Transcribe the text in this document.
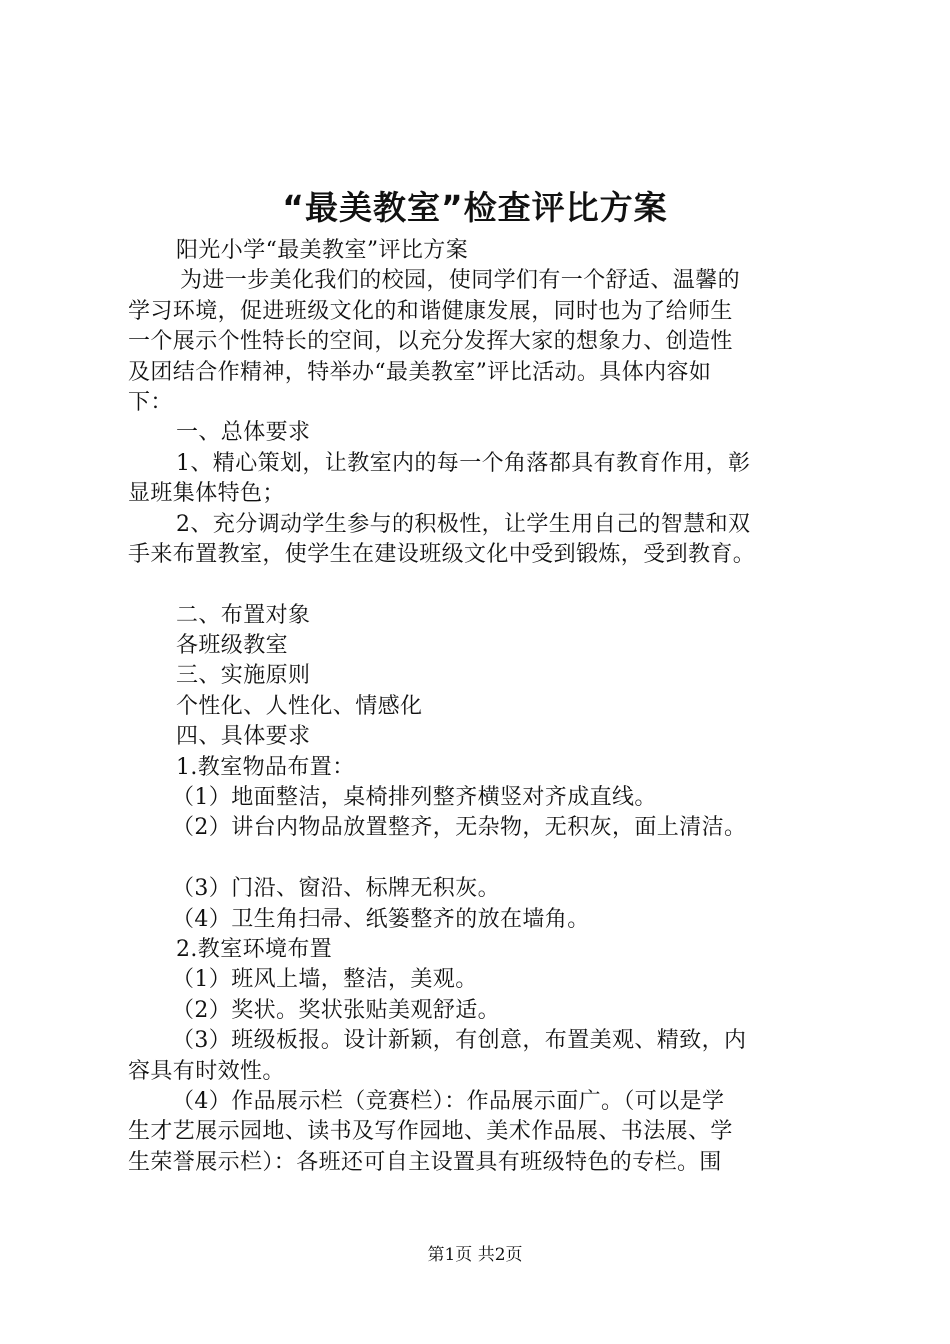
“最美教室”检查评比方案
阳光小学“最美教室”评比方案
为进一步美化我们的校园，使同学们有一个舒适、温馨的
学习环境，促进班级文化的和谐健康发展，同时也为了给师生
一个展示个性特长的空间，以充分发挥大家的想象力、创造性
及团结合作精神，特举办“最美教室”评比活动。具体内容如
下：
一、总体要求
1、精心策划，让教室内的每一个角落都具有教育作用，彰
显班集体特色；
2、充分调动学生参与的积极性，让学生用自己的智慧和双
手来布置教室，使学生在建设班级文化中受到锻炼，受到教育。
二、布置对象
各班级教室
三、实施原则
个性化、人性化、情感化
四、具体要求
1.教室物品布置：
（1）地面整洁，桌椅排列整齐横竖对齐成直线。
（2）讲台内物品放置整齐，无杂物，无积灰，面上清洁。
（3）门沿、窗沿、标牌无积灰。
（4）卫生角扫帚、纸篓整齐的放在墙角。
2.教室环境布置
（1）班风上墙，整洁，美观。
（2）奖状。奖状张贴美观舒适。
（3）班级板报。设计新颖，有创意，布置美观、精致，内
容具有时效性。
（4）作品展示栏（竞赛栏）：作品展示面广。（可以是学
生才艺展示园地、读书及写作园地、美术作品展、书法展、学
生荣誉展示栏）：各班还可自主设置具有班级特色的专栏。围
第1页 共2页
